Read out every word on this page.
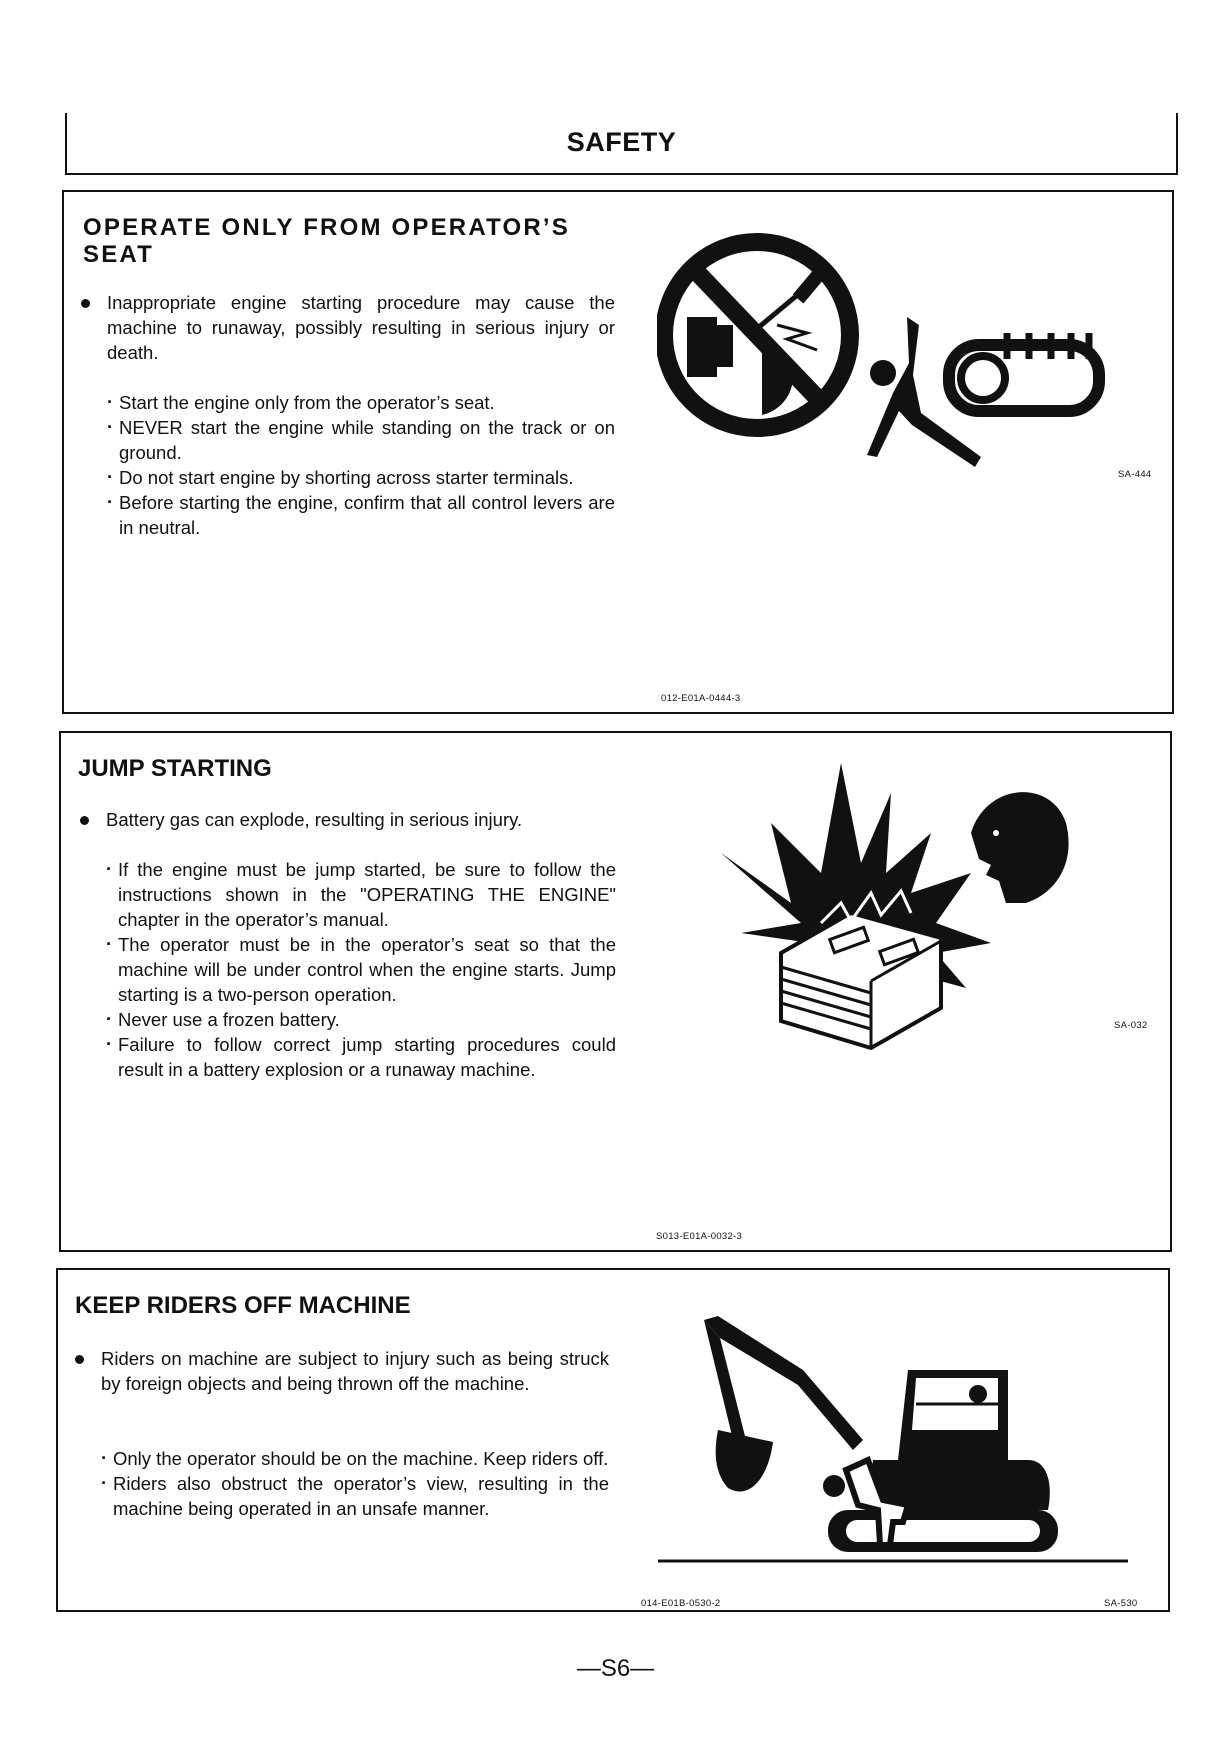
SAFETY
OPERATE ONLY FROM OPERATOR’S SEAT
Inappropriate engine starting procedure may cause the machine to runaway, possibly resulting in serious injury or death.
· Start the engine only from the operator’s seat.
· NEVER start the engine while standing on the track or on ground.
· Do not start engine by shorting across starter terminals.
· Before starting the engine, confirm that all control levers are in neutral.
SA-444
012-E01A-0444-3
JUMP STARTING
Battery gas can explode, resulting in serious injury.
· If the engine must be jump started, be sure to follow the instructions shown in the "OPERATING THE ENGINE" chapter in the operator’s manual.
· The operator must be in the operator’s seat so that the machine will be under control when the engine starts. Jump starting is a two-person operation.
· Never use a frozen battery.
· Failure to follow correct jump starting procedures could result in a battery explosion or a runaway machine.
SA-032
S013-E01A-0032-3
KEEP RIDERS OFF MACHINE
Riders on machine are subject to injury such as being struck by foreign objects and being thrown off the machine.
· Only the operator should be on the machine. Keep riders off.
· Riders also obstruct the operator’s view, resulting in the machine being operated in an unsafe manner.
014-E01B-0530-2	SA-530
—S6—
